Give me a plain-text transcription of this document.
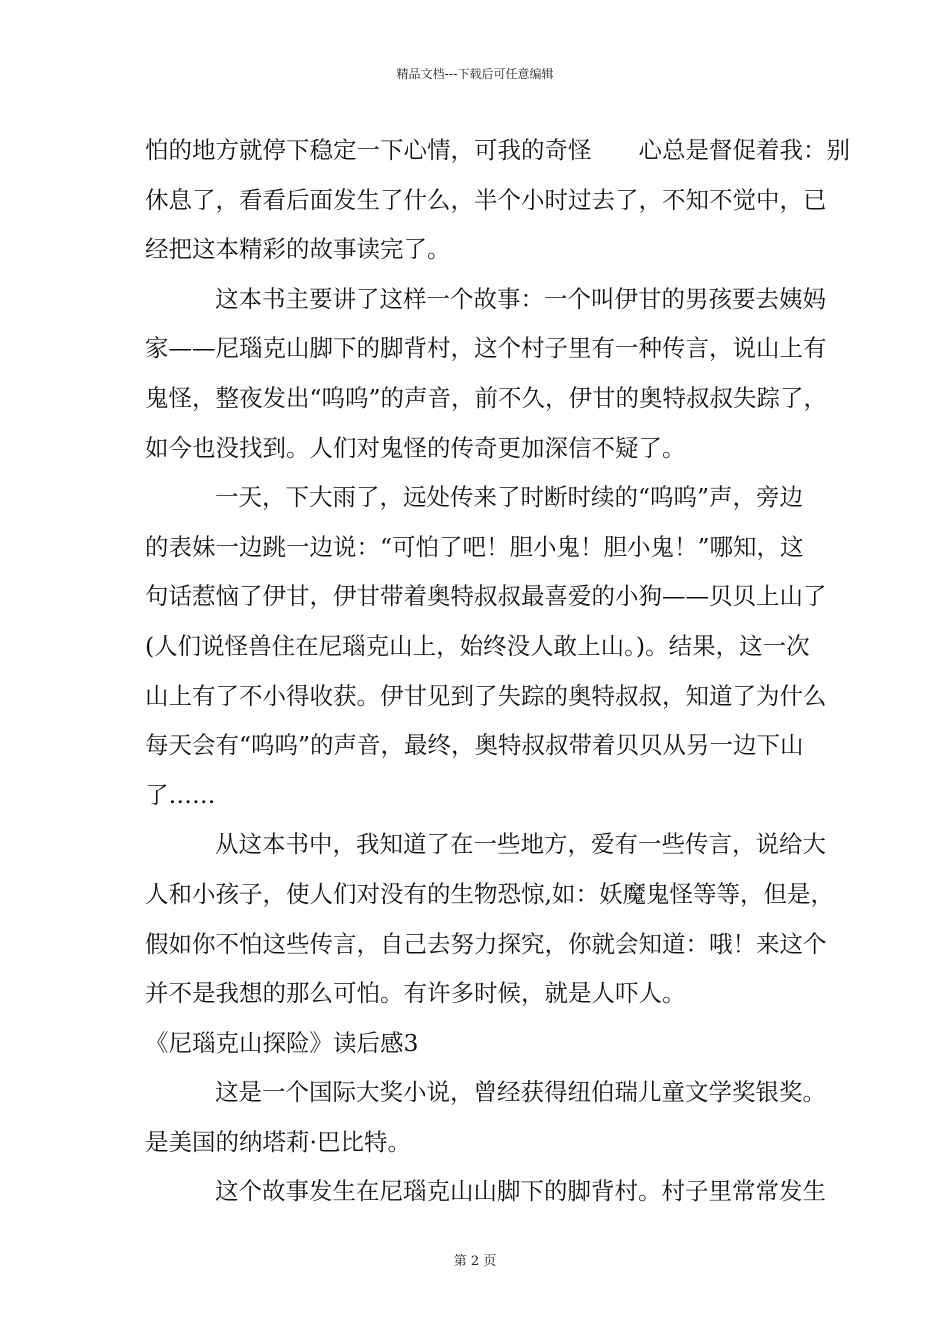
精品文档---下载后可任意编辑
怕的地方就停下稳定一下心情，可我的奇怪　　心总是督促着我：别
休息了，看看后面发生了什么，半个小时过去了，不知不觉中，已
经把这本精彩的故事读完了。
这本书主要讲了这样一个故事：一个叫伊甘的男孩要去姨妈
家——尼瑙克山脚下的脚背村，这个村子里有一种传言，说山上有
鬼怪，整夜发出“呜呜”的声音，前不久，伊甘的奥特叔叔失踪了，
如今也没找到。人们对鬼怪的传奇更加深信不疑了。
一天，下大雨了，远处传来了时断时续的“呜呜”声，旁边
的表妹一边跳一边说：“可怕了吧！胆小鬼！胆小鬼！”哪知，这
句话惹恼了伊甘，伊甘带着奥特叔叔最喜爱的小狗——贝贝上山了
(人们说怪兽住在尼瑙克山上，始终没人敢上山。)。结果，这一次
山上有了不小得收获。伊甘见到了失踪的奥特叔叔，知道了为什么
每天会有“呜呜”的声音，最终，奥特叔叔带着贝贝从另一边下山
了……
从这本书中，我知道了在一些地方，爱有一些传言，说给大
人和小孩子，使人们对没有的生物恐惊,如：妖魔鬼怪等等，但是，
假如你不怕这些传言，自己去努力探究，你就会知道：哦！来这个
并不是我想的那么可怕。有许多时候，就是人吓人。
《尼瑙克山探险》读后感3
这是一个国际大奖小说，曾经获得纽伯瑞儿童文学奖银奖。
是美国的纳塔莉·巴比特。
这个故事发生在尼瑙克山山脚下的脚背村。村子里常常发生
第 2 页
